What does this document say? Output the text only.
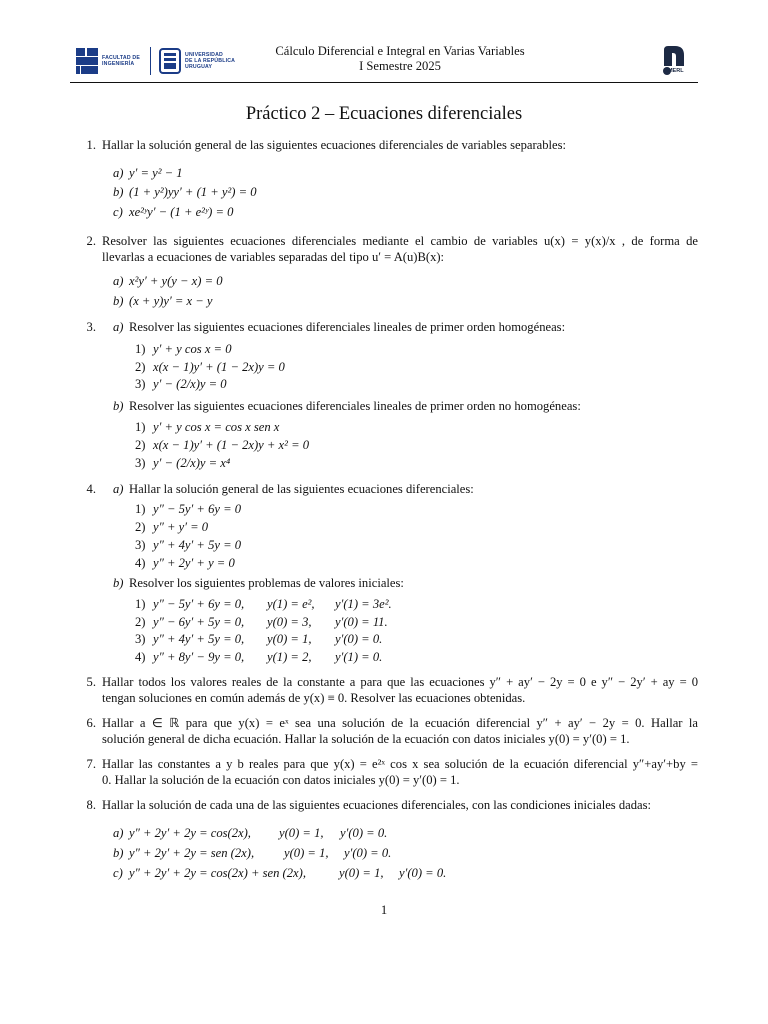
FACULTAD DE
INGENIERÍA
UNIVERSIDAD
DE LA REPÚBLICA
URUGUAY
Cálculo Diferencial e Integral en Varias Variables
I Semestre 2025	IMERL
Práctico 2 – Ecuaciones diferenciales
1. Hallar la solución general de las siguientes ecuaciones diferenciales de variables separables:
a) y′ = y² − 1
b) (1 + y²)yy′ + (1 + y²) = 0
c) xe²ʸy′ − (1 + e²ʸ) = 0
2. Resolver las siguientes ecuaciones diferenciales mediante el cambio de variables u(x) = y(x)/x , de forma de
llevarlas a ecuaciones de variables separadas del tipo u′ = A(u)B(x):
a) x²y′ + y(y − x) = 0
b) (x + y)y′ = x − y
3. a) Resolver las siguientes ecuaciones diferenciales lineales de primer orden homogéneas:
1) y′ + y cos x = 0
2) x(x − 1)y′ + (1 − 2x)y = 0
3) y′ − (2/x)y = 0
b) Resolver las siguientes ecuaciones diferenciales lineales de primer orden no homogéneas:
1) y′ + y cos x = cos x sen x
2) x(x − 1)y′ + (1 − 2x)y + x² = 0
3) y′ − (2/x)y = x⁴
4. a) Hallar la solución general de las siguientes ecuaciones diferenciales:
1) y″ − 5y′ + 6y = 0
2) y″ + y′ = 0
3) y″ + 4y′ + 5y = 0
4) y″ + 2y′ + y = 0
b) Resolver los siguientes problemas de valores iniciales:
1) y″ − 5y′ + 6y = 0, y(1) = e², y′(1) = 3e².
2) y″ − 6y′ + 5y = 0, y(0) = 3, y′(0) = 11.
3) y″ + 4y′ + 5y = 0, y(0) = 1, y′(0) = 0.
4) y″ + 8y′ − 9y = 0, y(1) = 2, y′(1) = 0.
5. Hallar todos los valores reales de la constante a para que las ecuaciones y″ + ay′ − 2y = 0 e y″ − 2y′ + ay = 0
tengan soluciones en común además de y(x) ≡ 0. Resolver las ecuaciones obtenidas.
6. Hallar a ∈ ℝ para que y(x) = eˣ sea una solución de la ecuación diferencial y″ + ay′ − 2y = 0. Hallar la
solución general de dicha ecuación. Hallar la solución de la ecuación con datos iniciales y(0) = y′(0) = 1.
7. Hallar las constantes a y b reales para que y(x) = e²ˣ cos x sea solución de la ecuación diferencial y″+ay′+by =
0. Hallar la solución de la ecuación con datos iniciales y(0) = y′(0) = 1.
8. Hallar la solución de cada una de las siguientes ecuaciones diferenciales, con las condiciones iniciales dadas:
a) y″ + 2y′ + 2y = cos(2x), y(0) = 1, y′(0) = 0.
b) y″ + 2y′ + 2y = sen (2x), y(0) = 1, y′(0) = 0.
c) y″ + 2y′ + 2y = cos(2x) + sen (2x),	y(0) = 1, y′(0) = 0.
1
